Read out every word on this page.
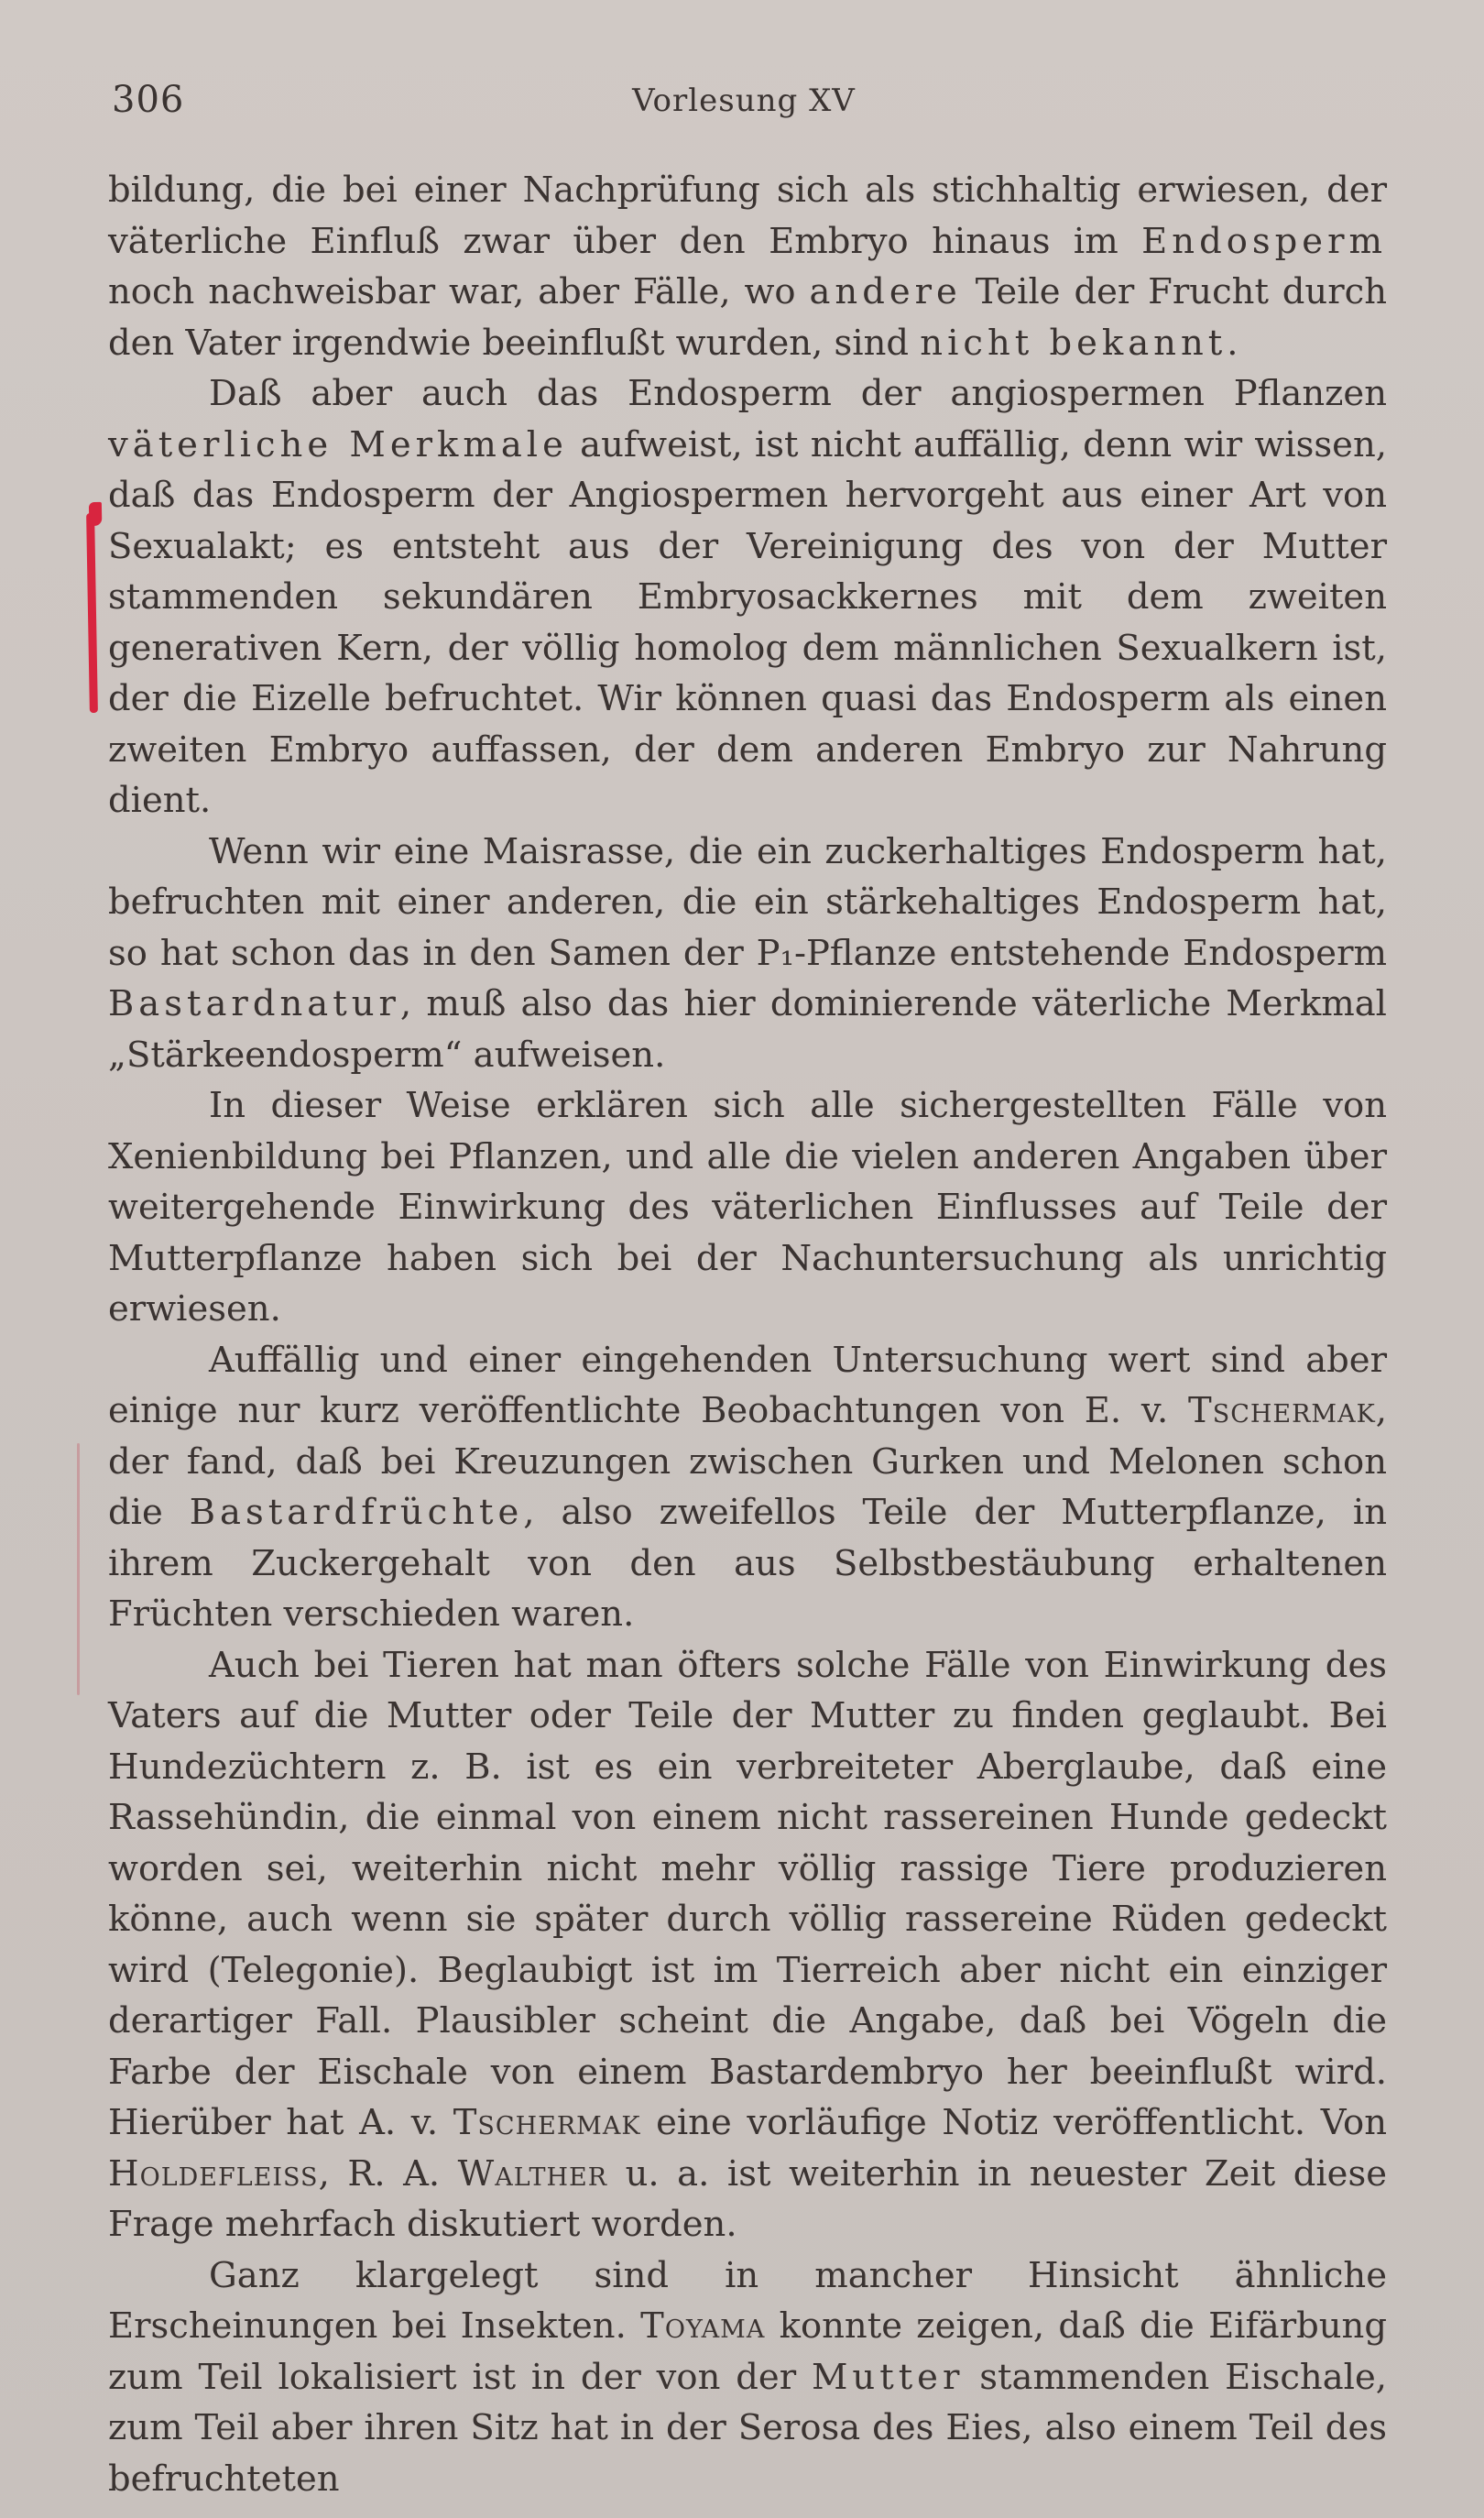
306	Vorlesung XV

bildung, die bei einer Nachprüfung sich als stichhaltig erwiesen, der väterliche Einfluß zwar über den Embryo hinaus im Endosperm noch nachweisbar war, aber Fälle, wo andere Teile der Frucht durch den Vater irgendwie beeinflußt wurden, sind nicht bekannt.

Daß aber auch das Endosperm der angiospermen Pflanzen väterliche Merkmale aufweist, ist nicht auffällig, denn wir wissen, daß das Endosperm der Angiospermen hervorgeht aus einer Art von Sexualakt; es entsteht aus der Vereinigung des von der Mutter stammenden sekundären Embryosackkernes mit dem zweiten generativen Kern, der völlig homolog dem männlichen Sexualkern ist, der die Eizelle befruchtet. Wir können quasi das Endosperm als einen zweiten Embryo auffassen, der dem anderen Embryo zur Nahrung dient.

Wenn wir eine Maisrasse, die ein zuckerhaltiges Endosperm hat, befruchten mit einer anderen, die ein stärkehaltiges Endosperm hat, so hat schon das in den Samen der P₁-Pflanze entstehende Endosperm Bastardnatur, muß also das hier dominierende väterliche Merkmal „Stärkeendosperm“ aufweisen.

In dieser Weise erklären sich alle sichergestellten Fälle von Xenienbildung bei Pflanzen, und alle die vielen anderen Angaben über weitergehende Einwirkung des väterlichen Einflusses auf Teile der Mutterpflanze haben sich bei der Nachuntersuchung als unrichtig erwiesen.

Auffällig und einer eingehenden Untersuchung wert sind aber einige nur kurz veröffentlichte Beobachtungen von E. v. Tschermak, der fand, daß bei Kreuzungen zwischen Gurken und Melonen schon die Bastardfrüchte, also zweifellos Teile der Mutterpflanze, in ihrem Zuckergehalt von den aus Selbstbestäubung erhaltenen Früchten verschieden waren.

Auch bei Tieren hat man öfters solche Fälle von Einwirkung des Vaters auf die Mutter oder Teile der Mutter zu finden geglaubt. Bei Hundezüchtern z. B. ist es ein verbreiteter Aberglaube, daß eine Rassehündin, die einmal von einem nicht rassereinen Hunde gedeckt worden sei, weiterhin nicht mehr völlig rassige Tiere produzieren könne, auch wenn sie später durch völlig rassereine Rüden gedeckt wird (Telegonie). Beglaubigt ist im Tierreich aber nicht ein einziger derartiger Fall. Plausibler scheint die Angabe, daß bei Vögeln die Farbe der Eischale von einem Bastardembryo her beeinflußt wird. Hierüber hat A. v. Tschermak eine vorläufige Notiz veröffentlicht. Von Holdefleiss, R. A. Walther u. a. ist weiterhin in neuester Zeit diese Frage mehrfach diskutiert worden.

Ganz klargelegt sind in mancher Hinsicht ähnliche Erscheinungen bei Insekten. Toyama konnte zeigen, daß die Eifärbung zum Teil lokalisiert ist in der von der Mutter stammenden Eischale, zum Teil aber ihren Sitz hat in der Serosa des Eies, also einem Teil des befruchteten
